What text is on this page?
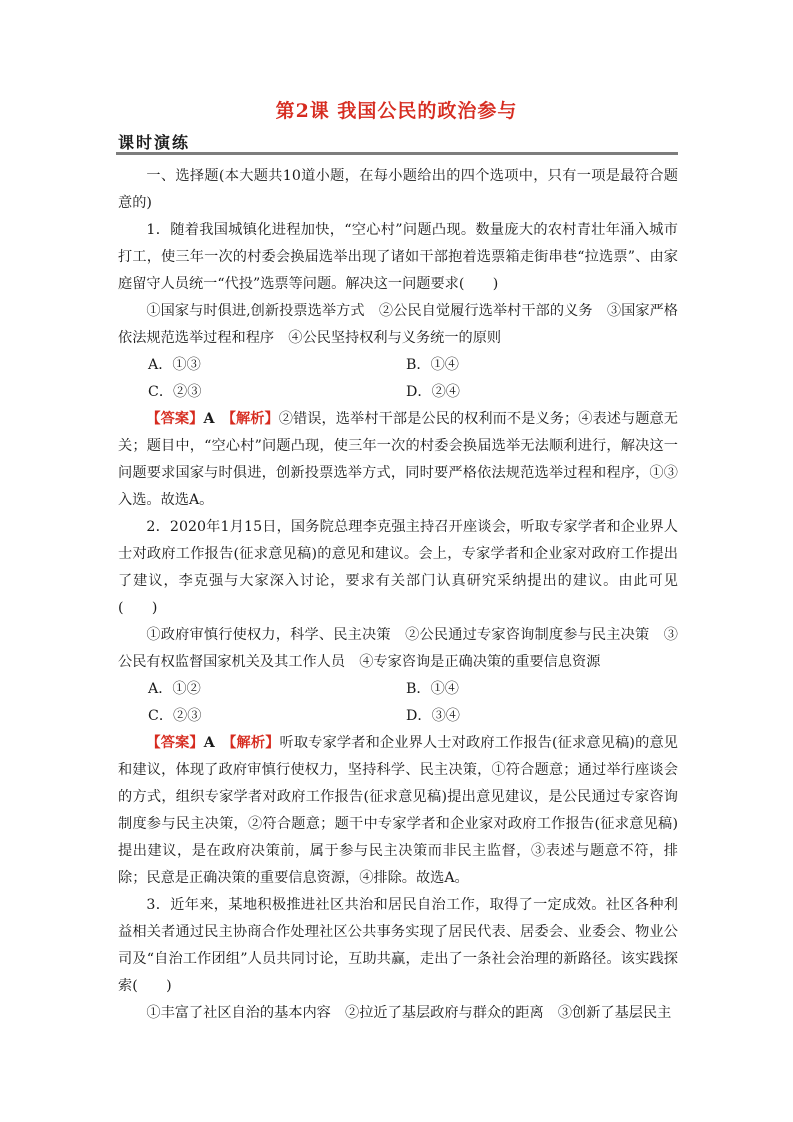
第2课 我国公民的政治参与
课时演练

一、选择题(本大题共10道小题，在每小题给出的四个选项中，只有一项是最符合题意的)

1．随着我国城镇化进程加快，“空心村”问题凸现。数量庞大的农村青壮年涌入城市打工，使三年一次的村委会换届选举出现了诸如干部抱着选票箱走街串巷“拉选票”、由家庭留守人员统一“代投”选票等问题。解决这一问题要求(　　)

①国家与时俱进,创新投票选举方式　②公民自觉履行选举村干部的义务　③国家严格依法规范选举过程和程序　④公民坚持权利与义务统一的原则

A．①③	B．①④
C．②③	D．②④

【答案】A　 【解析】②错误，选举村干部是公民的权利而不是义务；④表述与题意无关；题目中，“空心村”问题凸现，使三年一次的村委会换届选举无法顺利进行，解决这一问题要求国家与时俱进，创新投票选举方式，同时要严格依法规范选举过程和程序，①③入选。故选A。

2．2020年1月15日，国务院总理李克强主持召开座谈会，听取专家学者和企业界人士对政府工作报告(征求意见稿)的意见和建议。会上，专家学者和企业家对政府工作提出了建议，李克强与大家深入讨论，要求有关部门认真研究采纳提出的建议。由此可见(　　)

①政府审慎行使权力，科学、民主决策　②公民通过专家咨询制度参与民主决策　③公民有权监督国家机关及其工作人员　④专家咨询是正确决策的重要信息资源

A．①②	B．①④
C．②③	D．③④

【答案】A　 【解析】听取专家学者和企业界人士对政府工作报告(征求意见稿)的意见和建议，体现了政府审慎行使权力，坚持科学、民主决策，①符合题意；通过举行座谈会的方式，组织专家学者对政府工作报告(征求意见稿)提出意见建议，是公民通过专家咨询制度参与民主决策，②符合题意；题干中专家学者和企业家对政府工作报告(征求意见稿)提出建议，是在政府决策前，属于参与民主决策而非民主监督，③表述与题意不符，排除；民意是正确决策的重要信息资源，④排除。故选A。

3．近年来，某地积极推进社区共治和居民自治工作，取得了一定成效。社区各种利益相关者通过民主协商合作处理社区公共事务实现了居民代表、居委会、业委会、物业公司及“自治工作团组”人员共同讨论，互助共赢，走出了一条社会治理的新路径。该实践探索(　　)

①丰富了社区自治的基本内容　②拉近了基层政府与群众的距离　③创新了基层民主
